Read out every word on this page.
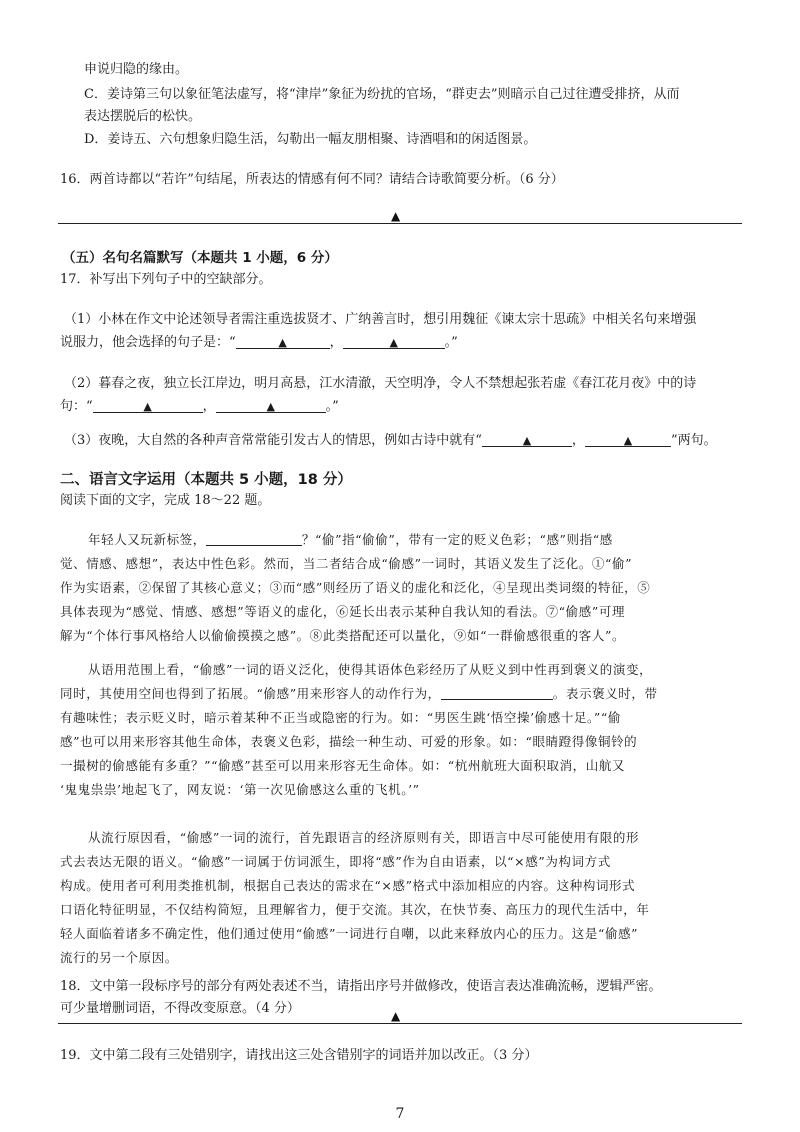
申说归隐的缘由。
C．姜诗第三句以象征笔法虚写，将“津岸”象征为纷扰的官场，“群吏去”则暗示自己过往遭受排挤，从而
表达摆脱后的松快。
D．姜诗五、六句想象归隐生活，勾勒出一幅友朋相聚、诗酒唱和的闲适图景。
16．两首诗都以“若许”句结尾，所表达的情感有何不同？请结合诗歌简要分析。（6 分）
▲
（五）名句名篇默写（本题共 1 小题，6 分）
17．补写出下列句子中的空缺部分。
（1）小林在作文中论述领导者需注重选拔贤才、广纳善言时，想引用魏征《谏太宗十思疏》中相关名句来增强
说服力，他会选择的句子是：“	▲	，	▲	。”
（2）暮春之夜，独立长江岸边，明月高悬，江水清澈，天空明净，令人不禁想起张若虚《春江花月夜》中的诗
句：“	▲	，	▲	。”
（3）夜晚，大自然的各种声音常常能引发古人的情思，例如古诗中就有“	▲	，	▲	”两句。
二、语言文字运用（本题共 5 小题，18 分）
阅读下面的文字，完成 18～22 题。
年轻人又玩新标签，	？“偷”指“偷偷”，带有一定的贬义色彩；“感”则指“感
觉、情感、感想”，表达中性色彩。然而，当二者结合成“偷感”一词时，其语义发生了泛化。①“偷”
作为实语素，②保留了其核心意义；③而“感”则经历了语义的虚化和泛化，④呈现出类词缀的特征，⑤
具体表现为“感觉、情感、感想”等语义的虚化，⑥延长出表示某种自我认知的看法。⑦“偷感”可理
解为“个体行事风格给人以偷偷摸摸之感”。⑧此类搭配还可以量化，⑨如“一群偷感很重的客人”。
从语用范围上看，“偷感”一词的语义泛化，使得其语体色彩经历了从贬义到中性再到褒义的演变，
同时，其使用空间也得到了拓展。“偷感”用来形容人的动作行为，	。表示褒义时，带
有趣味性；表示贬义时，暗示着某种不正当或隐密的行为。如：“男医生跳‘悟空操’偷感十足。”“偷
感”也可以用来形容其他生命体，表褒义色彩，描绘一种生动、可爱的形象。如：“眼睛蹬得像铜铃的
一撮树的偷感能有多重？”“偷感”甚至可以用来形容无生命体。如：“杭州航班大面积取消，山航又
‘鬼鬼祟祟’地起飞了，网友说：‘第一次见偷感这么重的飞机。’”
从流行原因看，“偷感”一词的流行，首先跟语言的经济原则有关，即语言中尽可能使用有限的形
式去表达无限的语义。“偷感”一词属于仿词派生，即将“感”作为自由语素，以“×感”为构词方式
构成。使用者可利用类推机制，根据自己表达的需求在“×感”格式中添加相应的内容。这种构词形式
口语化特征明显，不仅结构简短，且理解省力，便于交流。其次，在快节奏、高压力的现代生活中，年
轻人面临着诸多不确定性，他们通过使用“偷感”一词进行自嘲，以此来释放内心的压力。这是“偷感”
流行的另一个原因。
18．文中第一段标序号的部分有两处表述不当，请指出序号并做修改，使语言表达准确流畅，逻辑严密。
可少量增删词语，不得改变原意。（4 分）	▲
19．文中第二段有三处错别字，请找出这三处含错别字的词语并加以改正。（3 分）
7
